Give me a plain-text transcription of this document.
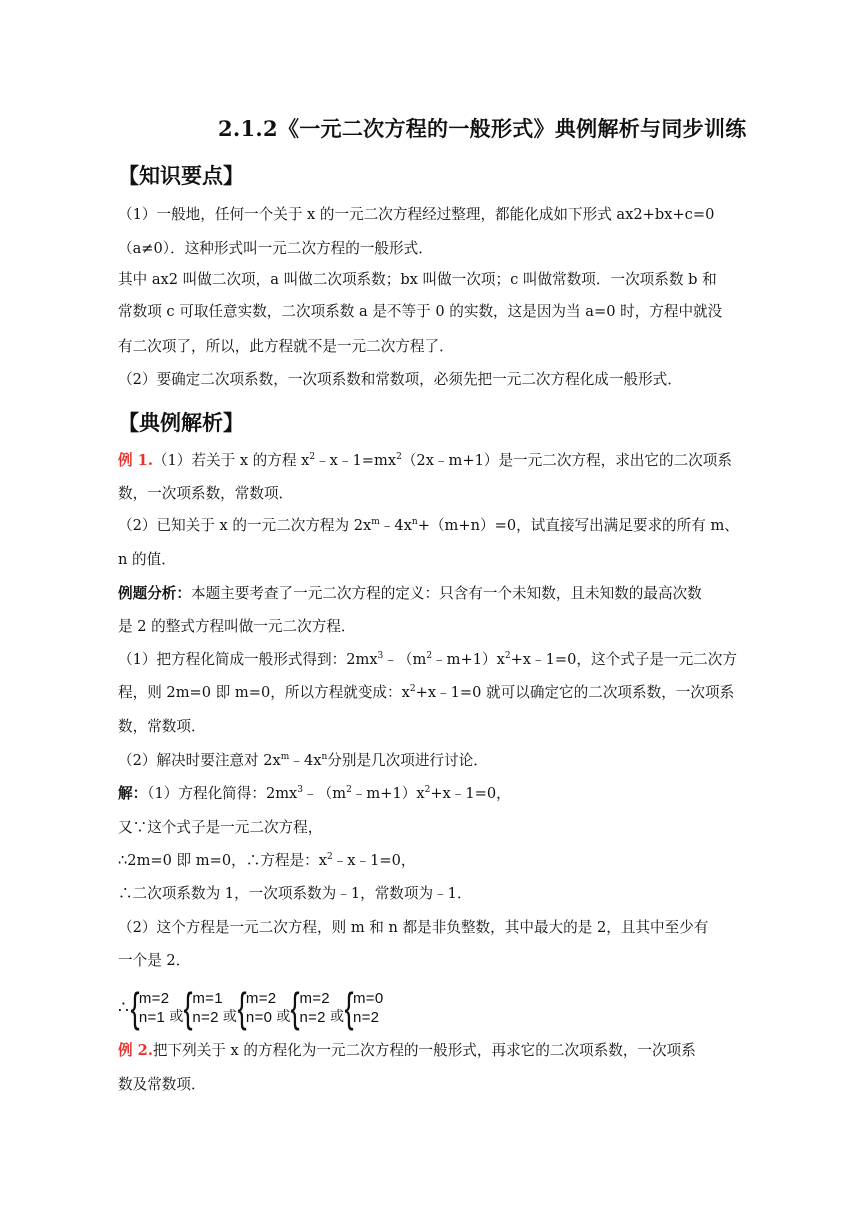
2.1.2《一元二次方程的一般形式》典例解析与同步训练
【知识要点】
（1）一般地，任何一个关于 x 的一元二次方程经过整理，都能化成如下形式 ax2+bx+c=0
（a≠0）．这种形式叫一元二次方程的一般形式．
其中 ax2 叫做二次项，a 叫做二次项系数；bx 叫做一次项；c 叫做常数项．一次项系数 b 和
常数项 c 可取任意实数，二次项系数 a 是不等于 0 的实数，这是因为当 a=0 时，方程中就没
有二次项了，所以，此方程就不是一元二次方程了．
（2）要确定二次项系数，一次项系数和常数项，必须先把一元二次方程化成一般形式．
【典例解析】
例 1.（1）若关于 x 的方程 $x^2﹣x﹣1=mx^2(2x﹣m+1)$是一元二次方程，求出它的二次项系
数，一次项系数，常数项．
（2）已知关于 x 的一元二次方程为 $2x^m﹣4x^n+(m+n)=0$，试直接写出满足要求的所有 m、
n 的值．
例题分析：本题主要考查了一元二次方程的定义：只含有一个未知数，且未知数的最高次数
是 2 的整式方程叫做一元二次方程．
（1）把方程化简成一般形式得到：$2mx^3﹣(m^2﹣m+1)x^2+x﹣1=0$，这个式子是一元二次方
程，则 2m=0 即 m=0，所以方程就变成：$x^2+x﹣1=0$ 就可以确定它的二次项系数，一次项系
数，常数项．
（2）解决时要注意对 $2x^m﹣4x^n$分别是几次项进行讨论．
解：（1）方程化简得：$2mx^3﹣(m^2﹣m+1)x^2+x﹣1=0$，
又∵这个式子是一元二次方程，
∴2m=0 即 m=0，∴方程是：$x^2﹣x﹣1=0$，
∴二次项系数为 1，一次项系数为﹣1，常数项为﹣1．
（2）这个方程是一元二次方程，则 m 和 n 都是非负整数，其中最大的是 2，且其中至少有
一个是 2．
∴ { m=2
n=1 或 { m=1
n=2 或 { m=2
n=0 或 { m=2
n=2 或 { m=0
n=2
例 2.把下列关于 x 的方程化为一元二次方程的一般形式，再求它的二次项系数，一次项系
数及常数项．
